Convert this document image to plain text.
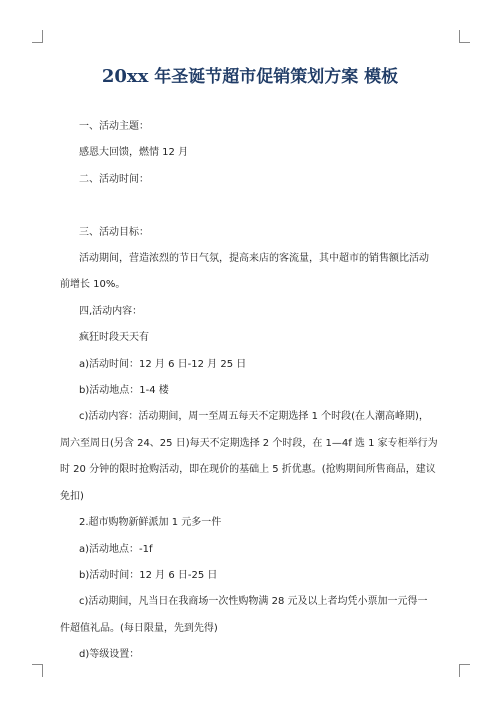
20xx 年圣诞节超市促销策划方案 模板

一、活动主题：

感恩大回馈，燃情 12 月

二、活动时间：

三、活动目标：

活动期间，营造浓烈的节日气氛，提高来店的客流量，其中超市的销售额比活动

前增长 10%。

四,活动内容：

疯狂时段天天有

a)活动时间：12 月 6 日-12 月 25 日

b)活动地点：1-4 楼

c)活动内容：活动期间，周一至周五每天不定期选择 1 个时段(在人潮高峰期)，

周六至周日(另含 24、25 日)每天不定期选择 2 个时段，在 1—4f 选 1 家专柜举行为

时 20 分钟的限时抢购活动，即在现价的基础上 5 折优惠。(抢购期间所售商品，建议

免扣)

2.超市购物新鲜派加 1 元多一件

a)活动地点：-1f

b)活动时间：12 月 6 日-25 日

c)活动期间，凡当日在我商场一次性购物满 28 元及以上者均凭小票加一元得一

件超值礼品。(每日限量，先到先得)

d)等级设置：
